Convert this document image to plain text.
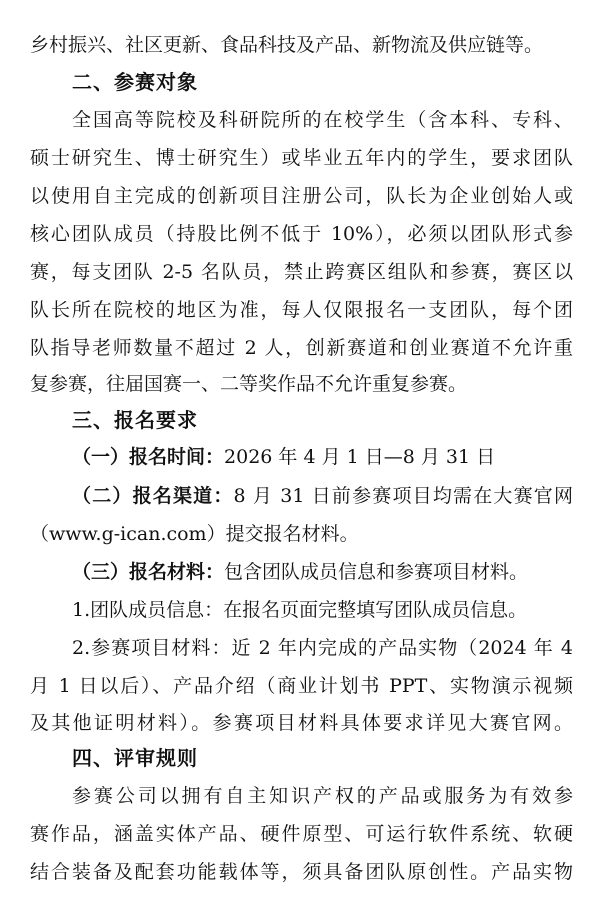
乡村振兴、社区更新、食品科技及产品、新物流及供应链等。
二、参赛对象
全国高等院校及科研院所的在校学生（含本科、专科、
硕士研究生、博士研究生）或毕业五年内的学生，要求团队
以使用自主完成的创新项目注册公司，队长为企业创始人或
核心团队成员（持股比例不低于 10%），必须以团队形式参
赛，每支团队 2-5 名队员，禁止跨赛区组队和参赛，赛区以
队长所在院校的地区为准，每人仅限报名一支团队，每个团
队指导老师数量不超过 2 人，创新赛道和创业赛道不允许重
复参赛，往届国赛一、二等奖作品不允许重复参赛。
三、报名要求
（一）报名时间：2026 年 4 月 1 日—8 月 31 日
（二）报名渠道：8 月 31 日前参赛项目均需在大赛官网
（www.g-ican.com）提交报名材料。
（三）报名材料：包含团队成员信息和参赛项目材料。
1.团队成员信息：在报名页面完整填写团队成员信息。
2.参赛项目材料：近 2 年内完成的产品实物（2024 年 4
月 1 日以后）、产品介绍（商业计划书 PPT、实物演示视频
及其他证明材料）。参赛项目材料具体要求详见大赛官网。
四、评审规则
参赛公司以拥有自主知识产权的产品或服务为有效参
赛作品，涵盖实体产品、硬件原型、可运行软件系统、软硬
结合装备及配套功能载体等，须具备团队原创性。产品实物
